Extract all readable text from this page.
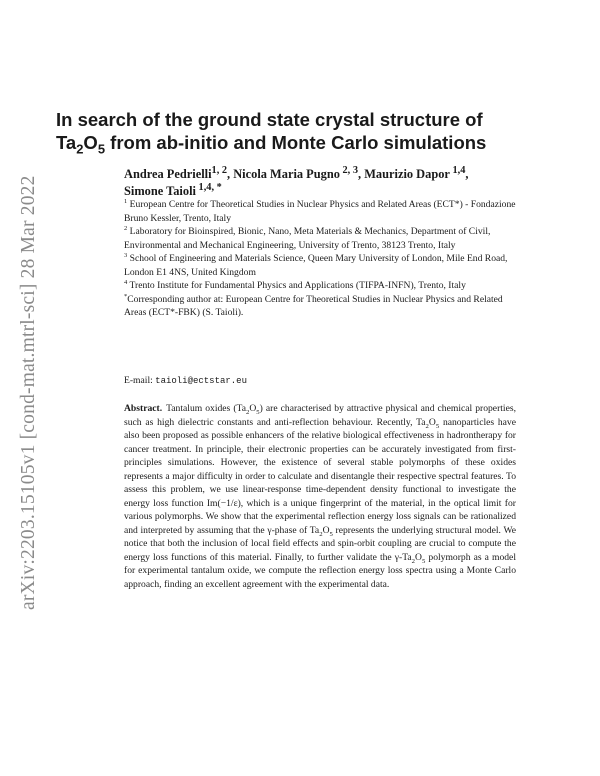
arXiv:2203.15105v1 [cond-mat.mtrl-sci] 28 Mar 2022
In search of the ground state crystal structure of
$Ta_2O_5$ from ab-initio and Monte Carlo simulations
Andrea Pedrielli$^{1, 2}$, Nicola Maria Pugno $^{2, 3}$, Maurizio Dapor $^{1,4}$,
Simone Taioli $^{1,4, *}$

$^1$ European Centre for Theoretical Studies in Nuclear Physics and Related Areas (ECT*) - Fondazione Bruno Kessler, Trento, Italy

$^2$ Laboratory for Bioinspired, Bionic, Nano, Meta Materials & Mechanics, Department of Civil, Environmental and Mechanical Engineering, University of Trento, 38123 Trento, Italy

$^3$ School of Engineering and Materials Science, Queen Mary University of London, Mile End Road, London E1 4NS, United Kingdom

$^4$ Trento Institute for Fundamental Physics and Applications (TIFPA-INFN), Trento, Italy

*Corresponding author at: European Centre for Theoretical Studies in Nuclear Physics and Related Areas (ECT*-FBK) (S. Taioli).

E-mail: taioli@ectstar.eu

Abstract. Tantalum oxides $(Ta_2O_5)$ are characterised by attractive physical and chemical properties, such as high dielectric constants and anti-reflection behaviour. Recently, $Ta_2O_5$ nanoparticles have also been proposed as possible enhancers of the relative biological effectiveness in hadrontherapy for cancer treatment. In principle, their electronic properties can be accurately investigated from first-principles simulations. However, the existence of several stable polymorphs of these oxides represents a major difficulty in order to calculate and disentangle their respective spectral features. To assess this problem, we use linear-response time-dependent density functional to investigate the energy loss function Im(−1/ε), which is a unique fingerprint of the material, in the optical limit for various polymorphs. We show that the experimental reflection energy loss signals can be rationalized and interpreted by assuming that the γ-phase of $Ta_2O_5$ represents the underlying structural model. We notice that both the inclusion of local field effects and spin-orbit coupling are crucial to compute the energy loss functions of this material. Finally, to further validate the $\gamma-Ta_2O_5$ polymorph as a model for experimental tantalum oxide, we compute the reflection energy loss spectra using a Monte Carlo approach, finding an excellent agreement with the experimental data.
